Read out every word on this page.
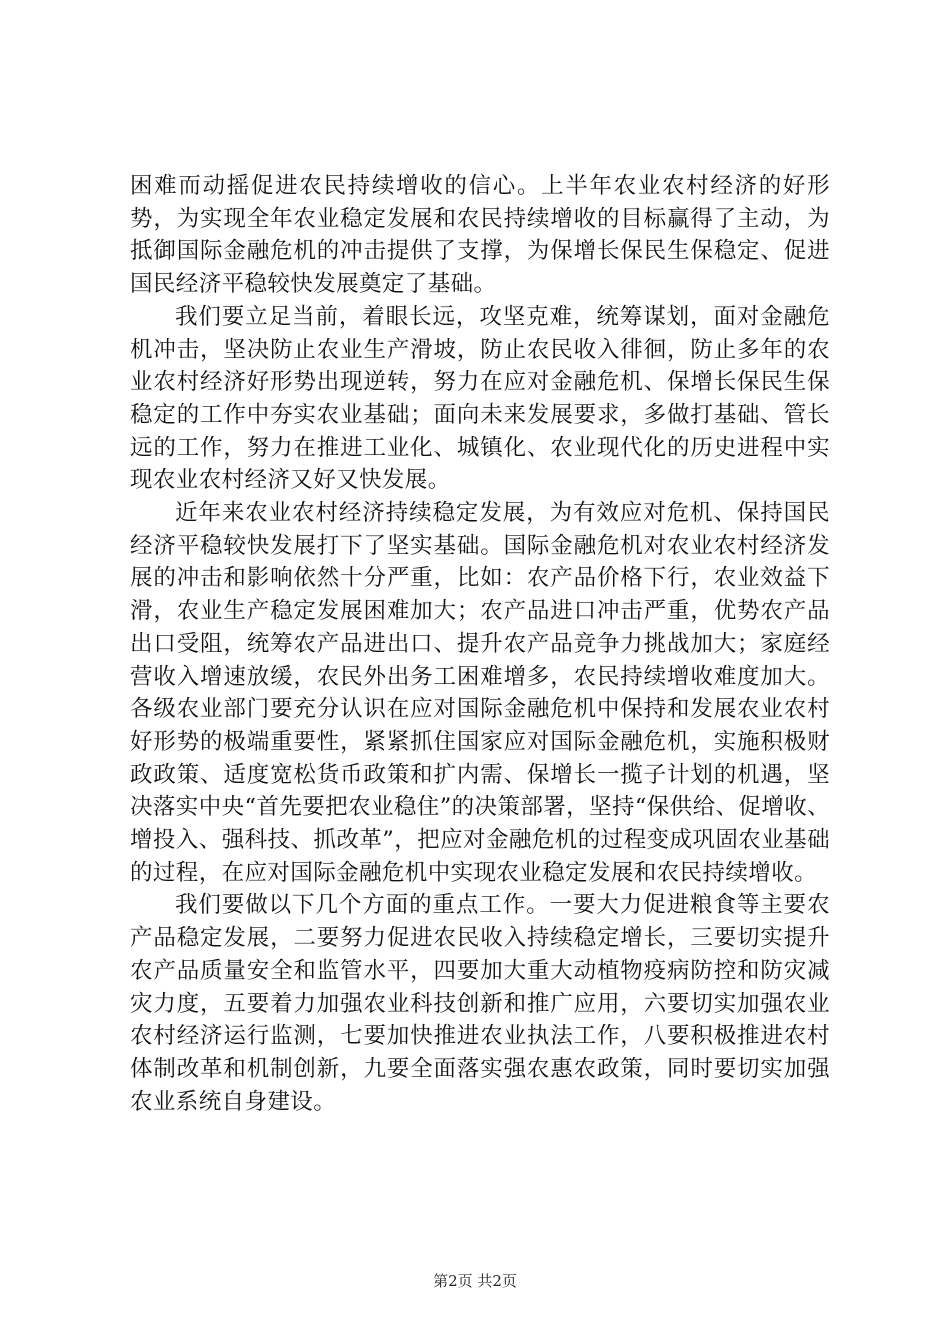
困难而动摇促进农民持续增收的信心。上半年农业农村经济的好形势，为实现全年农业稳定发展和农民持续增收的目标赢得了主动，为抵御国际金融危机的冲击提供了支撑，为保增长保民生保稳定、促进国民经济平稳较快发展奠定了基础。

我们要立足当前，着眼长远，攻坚克难，统筹谋划，面对金融危机冲击，坚决防止农业生产滑坡，防止农民收入徘徊，防止多年的农业农村经济好形势出现逆转，努力在应对金融危机、保增长保民生保稳定的工作中夯实农业基础；面向未来发展要求，多做打基础、管长远的工作，努力在推进工业化、城镇化、农业现代化的历史进程中实现农业农村经济又好又快发展。

近年来农业农村经济持续稳定发展，为有效应对危机、保持国民经济平稳较快发展打下了坚实基础。国际金融危机对农业农村经济发展的冲击和影响依然十分严重，比如：农产品价格下行，农业效益下滑，农业生产稳定发展困难加大；农产品进口冲击严重，优势农产品出口受阻，统筹农产品进出口、提升农产品竞争力挑战加大；家庭经营收入增速放缓，农民外出务工困难增多，农民持续增收难度加大。各级农业部门要充分认识在应对国际金融危机中保持和发展农业农村好形势的极端重要性，紧紧抓住国家应对国际金融危机，实施积极财政政策、适度宽松货币政策和扩内需、保增长一揽子计划的机遇，坚决落实中央“首先要把农业稳住”的决策部署，坚持“保供给、促增收、增投入、强科技、抓改革”，把应对金融危机的过程变成巩固农业基础的过程，在应对国际金融危机中实现农业稳定发展和农民持续增收。

我们要做以下几个方面的重点工作。一要大力促进粮食等主要农产品稳定发展，二要努力促进农民收入持续稳定增长，三要切实提升农产品质量安全和监管水平，四要加大重大动植物疫病防控和防灾减灾力度，五要着力加强农业科技创新和推广应用，六要切实加强农业农村经济运行监测，七要加快推进农业执法工作，八要积极推进农村体制改革和机制创新，九要全面落实强农惠农政策，同时要切实加强农业系统自身建设。

第2页 共2页
